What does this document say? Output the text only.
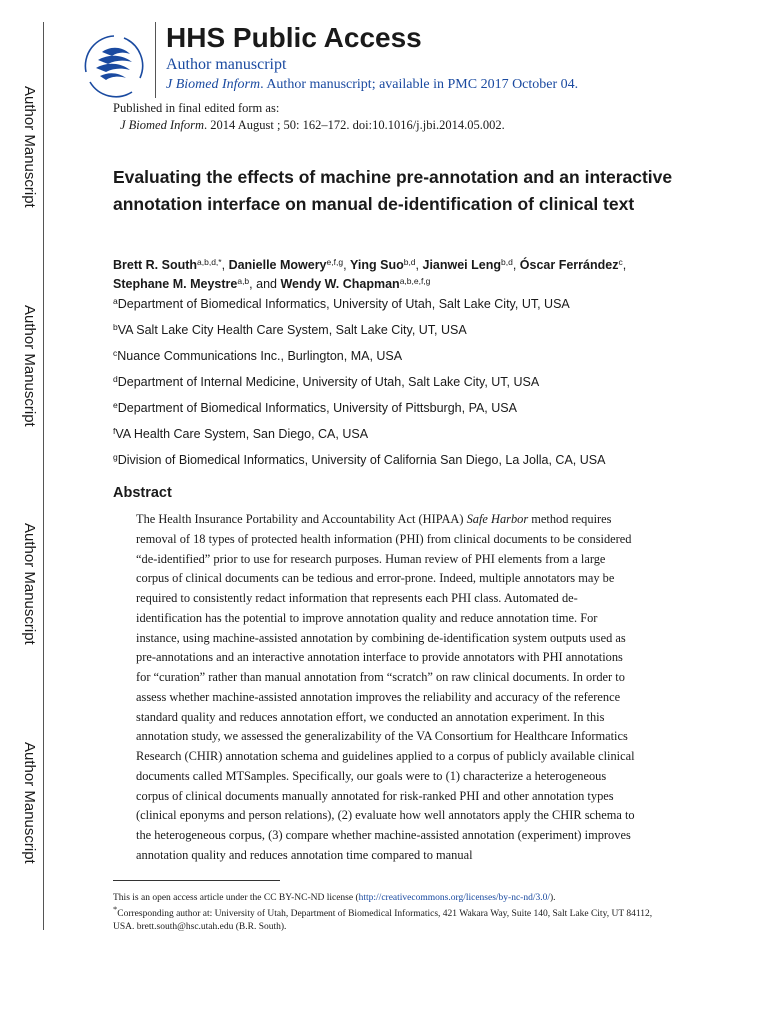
Author Manuscript
Author Manuscript
Author Manuscript
Author Manuscript
HHS Public Access
Author manuscript
J Biomed Inform. Author manuscript; available in PMC 2017 October 04.
Published in final edited form as:
J Biomed Inform. 2014 August ; 50: 162–172. doi:10.1016/j.jbi.2014.05.002.
Evaluating the effects of machine pre-annotation and an interactive annotation interface on manual de-identification of clinical text

Brett R. South$^{a,b,d,*}$, Danielle Mowery$^{e,f,g}$, Ying Suo$^{b,d}$, Jianwei Leng$^{b,d}$, Óscar Ferrández$^c$,
Stephane M. Meystre$^{a,b}$, and Wendy W. Chapman$^{a,b,e,f,g}$

$^a$Department of Biomedical Informatics, University of Utah, Salt Lake City, UT, USA
$^b$VA Salt Lake City Health Care System, Salt Lake City, UT, USA
$^c$Nuance Communications Inc., Burlington, MA, USA
$^d$Department of Internal Medicine, University of Utah, Salt Lake City, UT, USA
$^e$Department of Biomedical Informatics, University of Pittsburgh, PA, USA
$^f$VA Health Care System, San Diego, CA, USA
$^g$Division of Biomedical Informatics, University of California San Diego, La Jolla, CA, USA
Abstract

The Health Insurance Portability and Accountability Act (HIPAA) Safe Harbor method requires removal of 18 types of protected health information (PHI) from clinical documents to be considered “de-identified” prior to use for research purposes. Human review of PHI elements from a large corpus of clinical documents can be tedious and error-prone. Indeed, multiple annotators may be required to consistently redact information that represents each PHI class. Automated de-identification has the potential to improve annotation quality and reduce annotation time. For instance, using machine-assisted annotation by combining de-identification system outputs used as pre-annotations and an interactive annotation interface to provide annotators with PHI annotations for “curation” rather than manual annotation from “scratch” on raw clinical documents. In order to assess whether machine-assisted annotation improves the reliability and accuracy of the reference standard quality and reduces annotation effort, we conducted an annotation experiment. In this annotation study, we assessed the generalizability of the VA Consortium for Healthcare Informatics Research (CHIR) annotation schema and guidelines applied to a corpus of publicly available clinical documents called MTSamples. Specifically, our goals were to (1) characterize a heterogeneous corpus of clinical documents manually annotated for risk-ranked PHI and other annotation types (clinical eponyms and person relations), (2) evaluate how well annotators apply the CHIR schema to the heterogeneous corpus, (3) compare whether machine-assisted annotation (experiment) improves annotation quality and reduces annotation time compared to manual

This is an open access article under the CC BY-NC-ND license (http://creativecommons.org/licenses/by-nc-nd/3.0/).
*Corresponding author at: University of Utah, Department of Biomedical Informatics, 421 Wakara Way, Suite 140, Salt Lake City, UT 84112, USA. brett.south@hsc.utah.edu (B.R. South).
